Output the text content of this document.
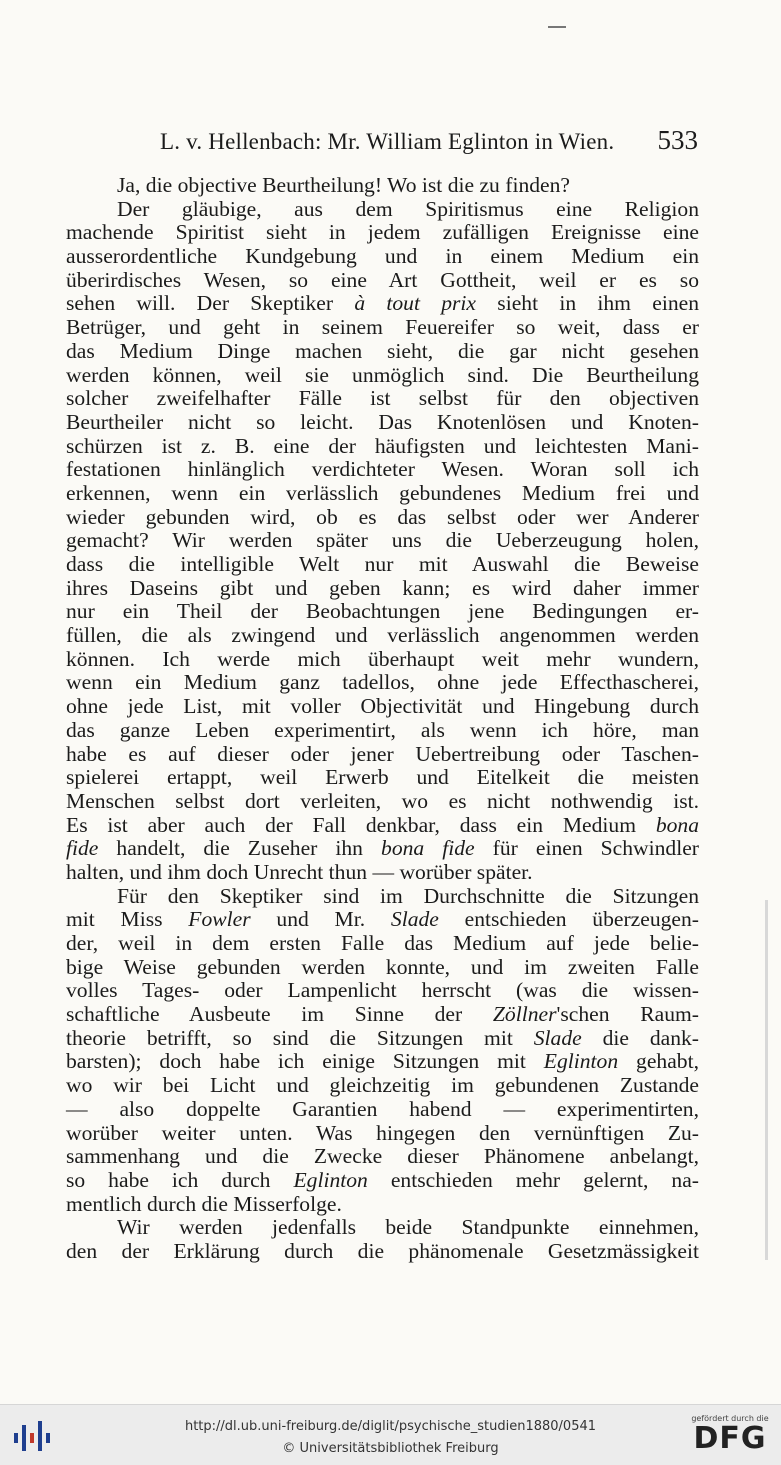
L. v. Hellenbach: Mr. William Eglinton in Wien. 533
Ja, die objective Beurtheilung! Wo ist die zu finden?
Der gläubige, aus dem Spiritismus eine Religion
machende Spiritist sieht in jedem zufälligen Ereignisse eine
ausserordentliche Kundgebung und in einem Medium ein
überirdisches Wesen, so eine Art Gottheit, weil er es so
sehen will. Der Skeptiker à tout prix sieht in ihm einen
Betrüger, und geht in seinem Feuereifer so weit, dass er
das Medium Dinge machen sieht, die gar nicht gesehen
werden können, weil sie unmöglich sind. Die Beurtheilung
solcher zweifelhafter Fälle ist selbst für den objectiven
Beurtheiler nicht so leicht. Das Knotenlösen und Knoten-
schürzen ist z. B. eine der häufigsten und leichtesten Mani-
festationen hinlänglich verdichteter Wesen. Woran soll ich
erkennen, wenn ein verlässlich gebundenes Medium frei und
wieder gebunden wird, ob es das selbst oder wer Anderer
gemacht? Wir werden später uns die Ueberzeugung holen,
dass die intelligible Welt nur mit Auswahl die Beweise
ihres Daseins gibt und geben kann; es wird daher immer
nur ein Theil der Beobachtungen jene Bedingungen er-
füllen, die als zwingend und verlässlich angenommen werden
können. Ich werde mich überhaupt weit mehr wundern,
wenn ein Medium ganz tadellos, ohne jede Effecthascherei,
ohne jede List, mit voller Objectivität und Hingebung durch
das ganze Leben experimentirt, als wenn ich höre, man
habe es auf dieser oder jener Uebertreibung oder Taschen-
spielerei ertappt, weil Erwerb und Eitelkeit die meisten
Menschen selbst dort verleiten, wo es nicht nothwendig ist.
Es ist aber auch der Fall denkbar, dass ein Medium bona
fide handelt, die Zuseher ihn bona fide für einen Schwindler
halten, und ihm doch Unrecht thun — worüber später.
Für den Skeptiker sind im Durchschnitte die Sitzungen
mit Miss Fowler und Mr. Slade entschieden überzeugen-
der, weil in dem ersten Falle das Medium auf jede belie-
bige Weise gebunden werden konnte, und im zweiten Falle
volles Tages- oder Lampenlicht herrscht (was die wissen-
schaftliche Ausbeute im Sinne der Zöllner'schen Raum-
theorie betrifft, so sind die Sitzungen mit Slade die dank-
barsten); doch habe ich einige Sitzungen mit Eglinton gehabt,
wo wir bei Licht und gleichzeitig im gebundenen Zustande
— also doppelte Garantien habend — experimentirten,
worüber weiter unten. Was hingegen den vernünftigen Zu-
sammenhang und die Zwecke dieser Phänomene anbelangt,
so habe ich durch Eglinton entschieden mehr gelernt, na-
mentlich durch die Misserfolge.
Wir werden jedenfalls beide Standpunkte einnehmen,
den der Erklärung durch die phänomenale Gesetzmässigkeit
http://dl.ub.uni-freiburg.de/diglit/psychische_studien1880/0541
© Universitätsbibliothek Freiburg
gefördert durch die
DFG
